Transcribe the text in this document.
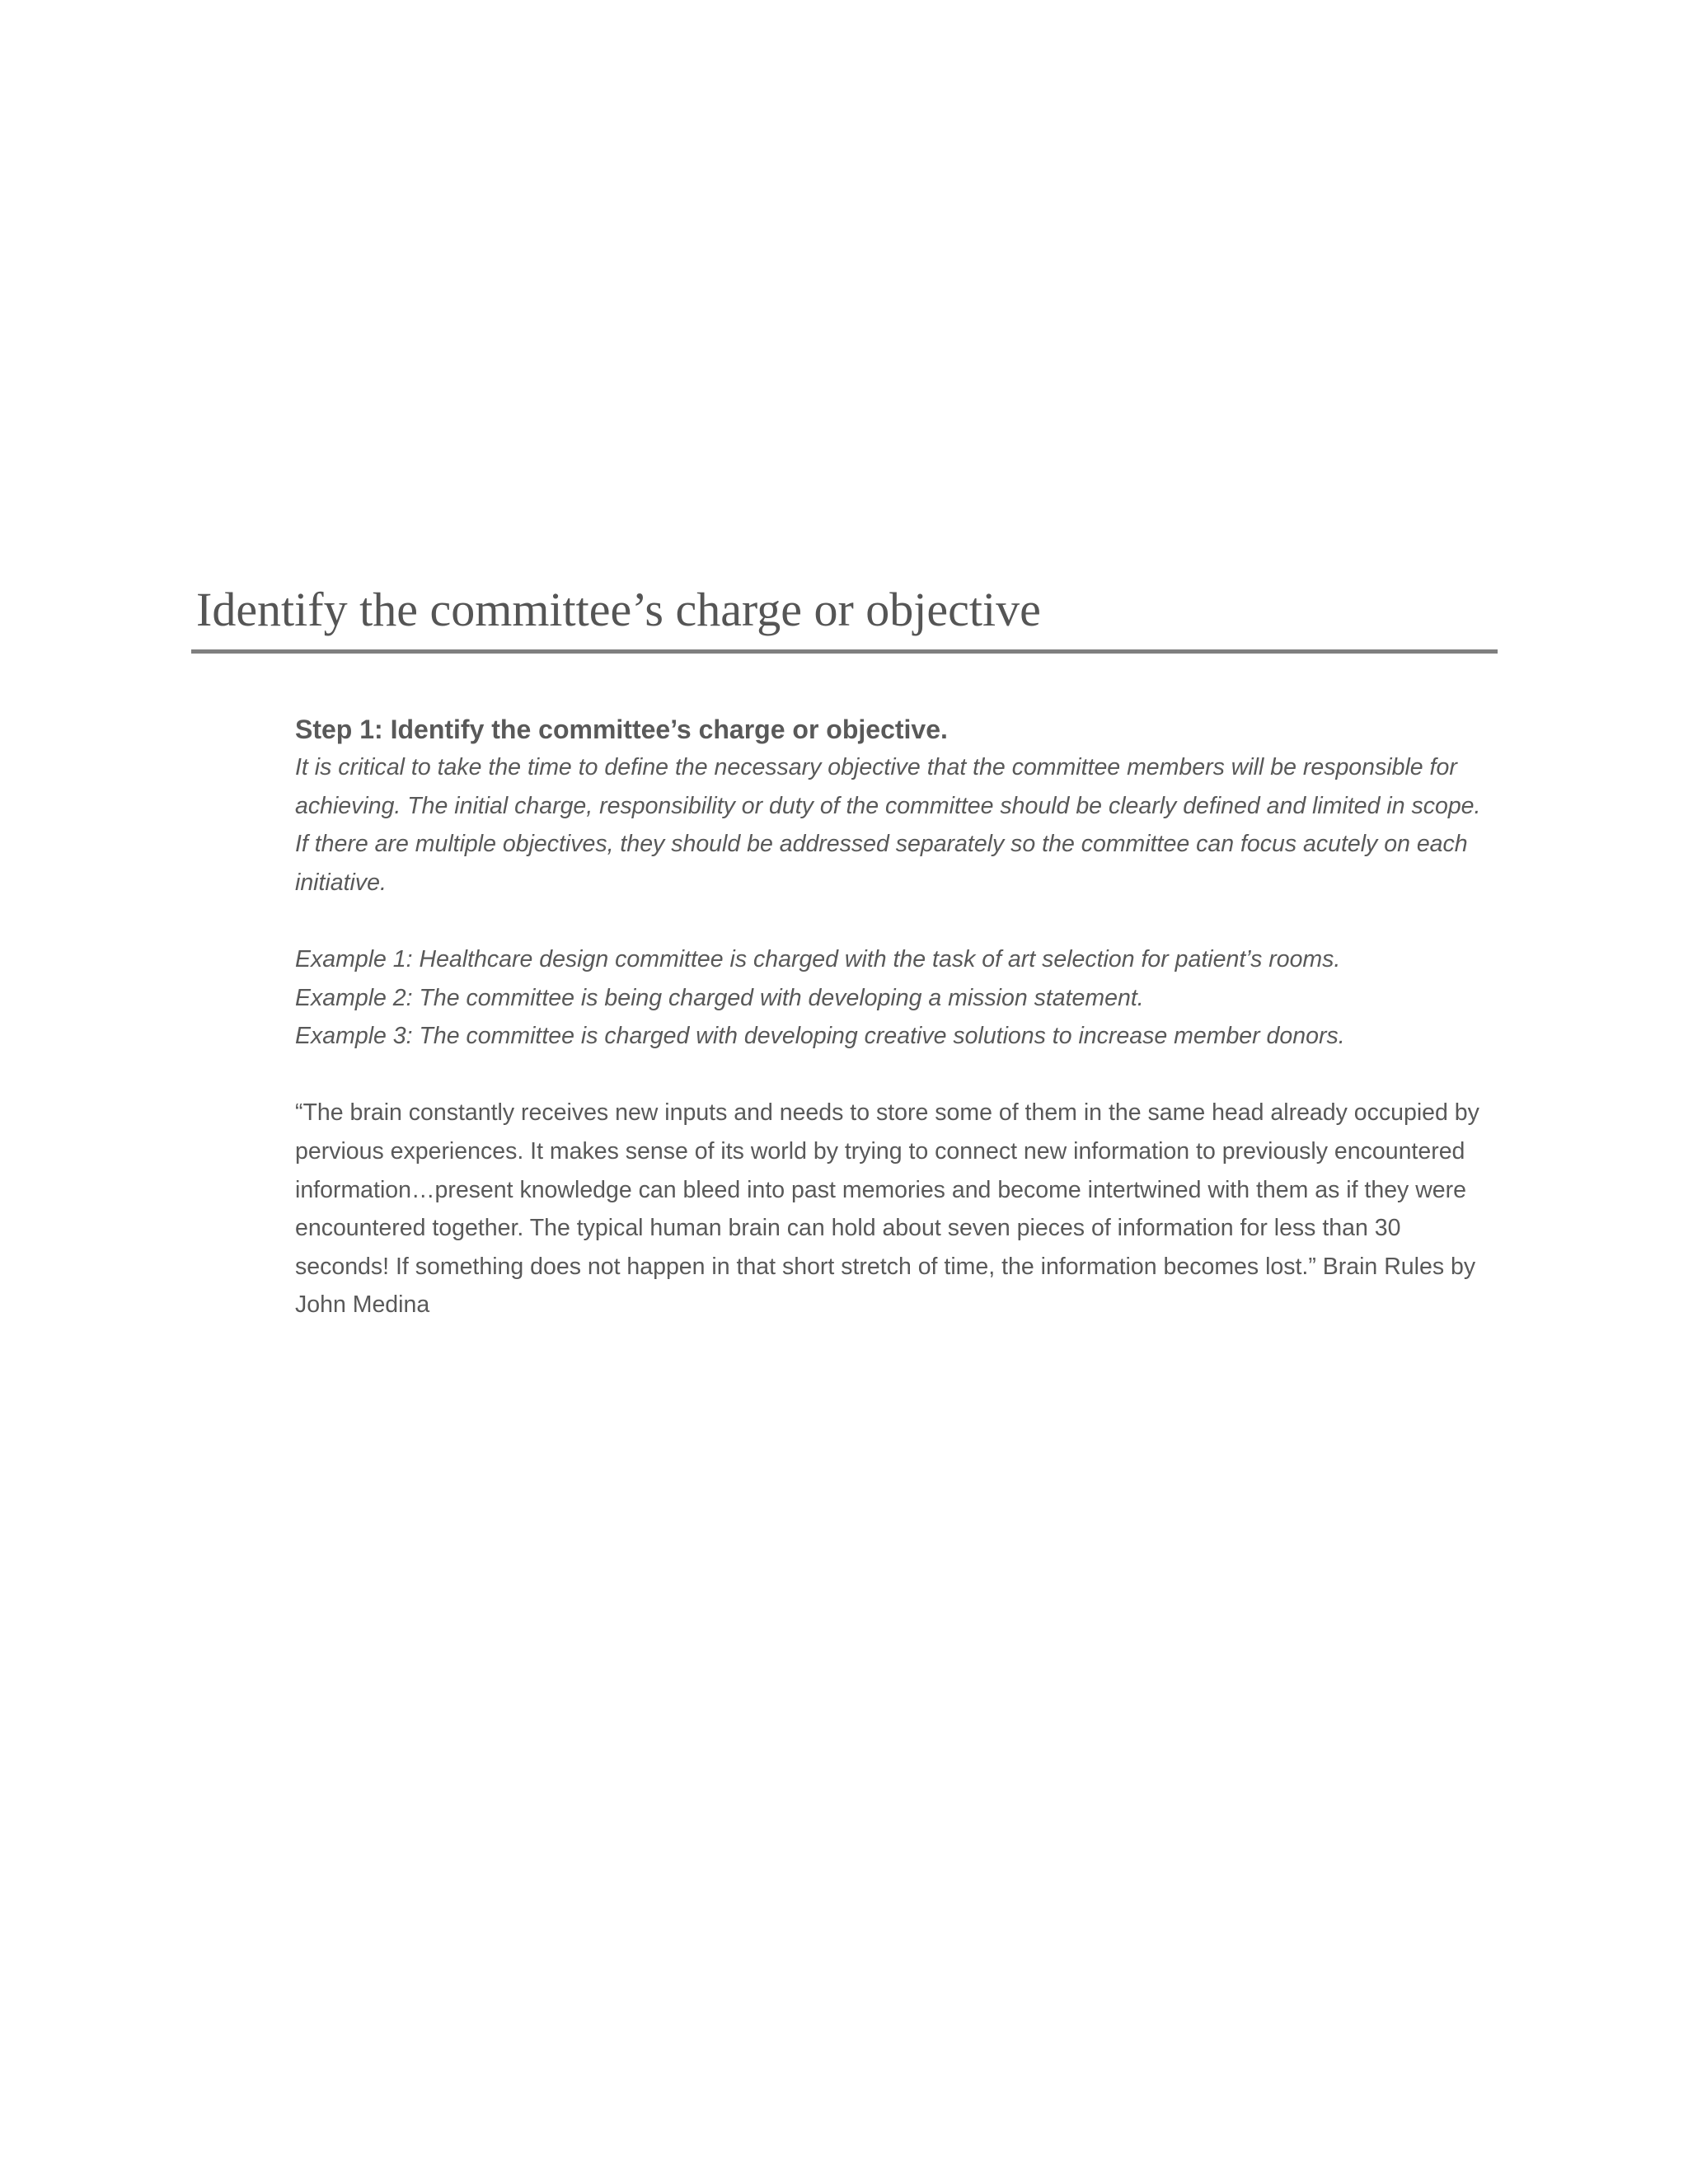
Identify the committee’s charge or objective

Step 1: Identify the committee’s charge or objective.

It is critical to take the time to define the necessary objective that the committee members will be responsible for achieving. The initial charge, responsibility or duty of the committee should be clearly defined and limited in scope. If there are multiple objectives, they should be addressed separately so the committee can focus acutely on each initiative.

Example 1: Healthcare design committee is charged with the task of art selection for patient’s rooms.
Example 2: The committee is being charged with developing a mission statement.
Example 3: The committee is charged with developing creative solutions to increase member donors.

“The brain constantly receives new inputs and needs to store some of them in the same head already occupied by pervious experiences. It makes sense of its world by trying to connect new information to previously encountered information…present knowledge can bleed into past memories and become intertwined with them as if they were encountered together. The typical human brain can hold about seven pieces of information for less than 30 seconds! If something does not happen in that short stretch of time, the information becomes lost.” Brain Rules by John Medina
